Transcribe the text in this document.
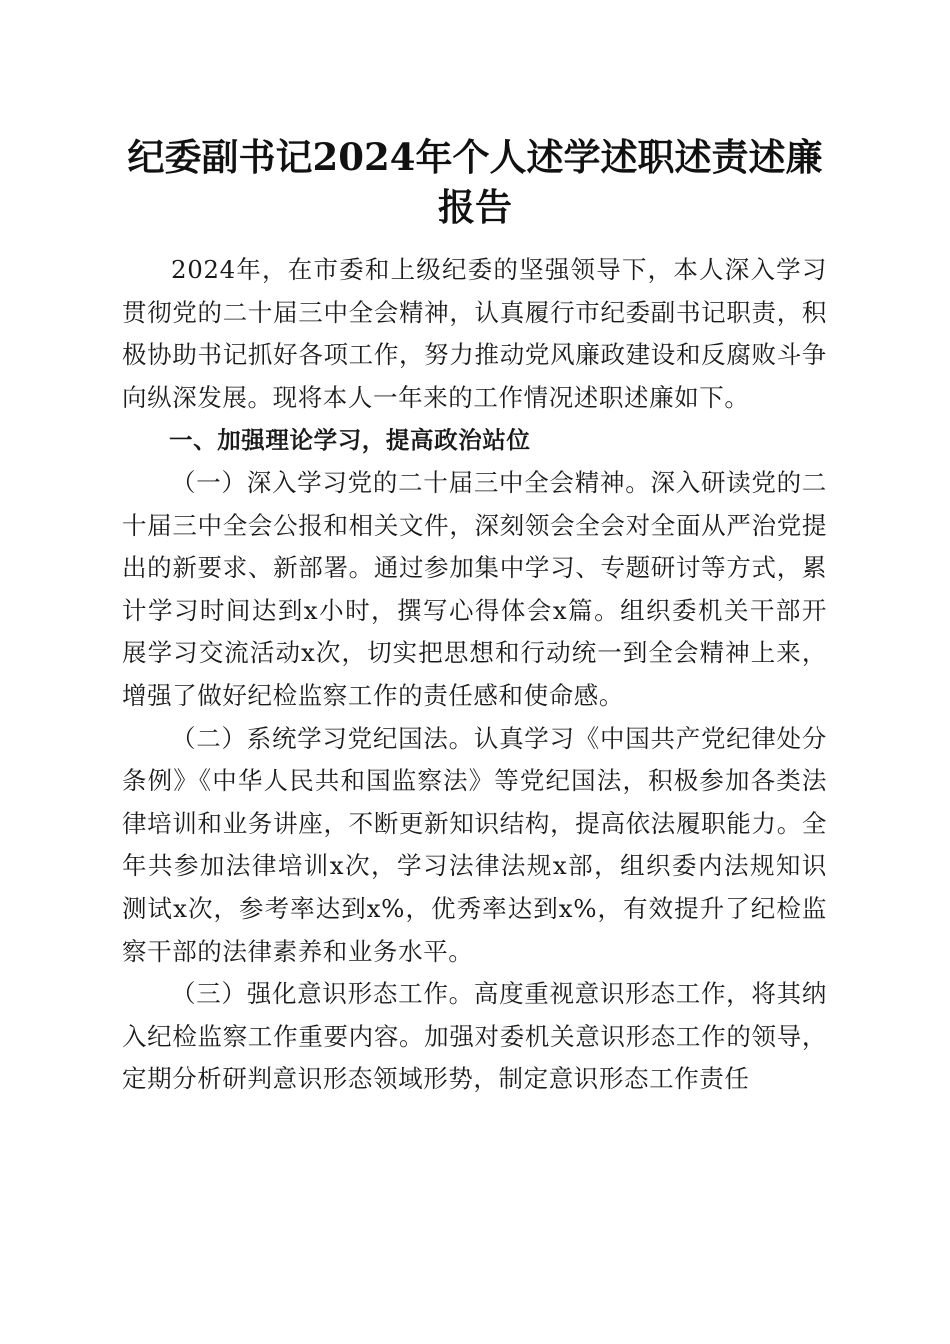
纪委副书记2024年个人述学述职述责述廉报告

2024年，在市委和上级纪委的坚强领导下，本人深入学习贯彻党的二十届三中全会精神，认真履行市纪委副书记职责，积极协助书记抓好各项工作，努力推动党风廉政建设和反腐败斗争向纵深发展。现将本人一年来的工作情况述职述廉如下。

一、加强理论学习，提高政治站位

（一）深入学习党的二十届三中全会精神。深入研读党的二十届三中全会公报和相关文件，深刻领会全会对全面从严治党提出的新要求、新部署。通过参加集中学习、专题研讨等方式，累计学习时间达到x小时，撰写心得体会x篇。组织委机关干部开展学习交流活动x次，切实把思想和行动统一到全会精神上来，增强了做好纪检监察工作的责任感和使命感。

（二）系统学习党纪国法。认真学习《中国共产党纪律处分条例》《中华人民共和国监察法》等党纪国法，积极参加各类法律培训和业务讲座，不断更新知识结构，提高依法履职能力。全年共参加法律培训x次，学习法律法规x部，组织委内法规知识测试x次，参考率达到x%，优秀率达到x%，有效提升了纪检监察干部的法律素养和业务水平。

（三）强化意识形态工作。高度重视意识形态工作，将其纳入纪检监察工作重要内容。加强对委机关意识形态工作的领导，定期分析研判意识形态领域形势，制定意识形态工作责任
